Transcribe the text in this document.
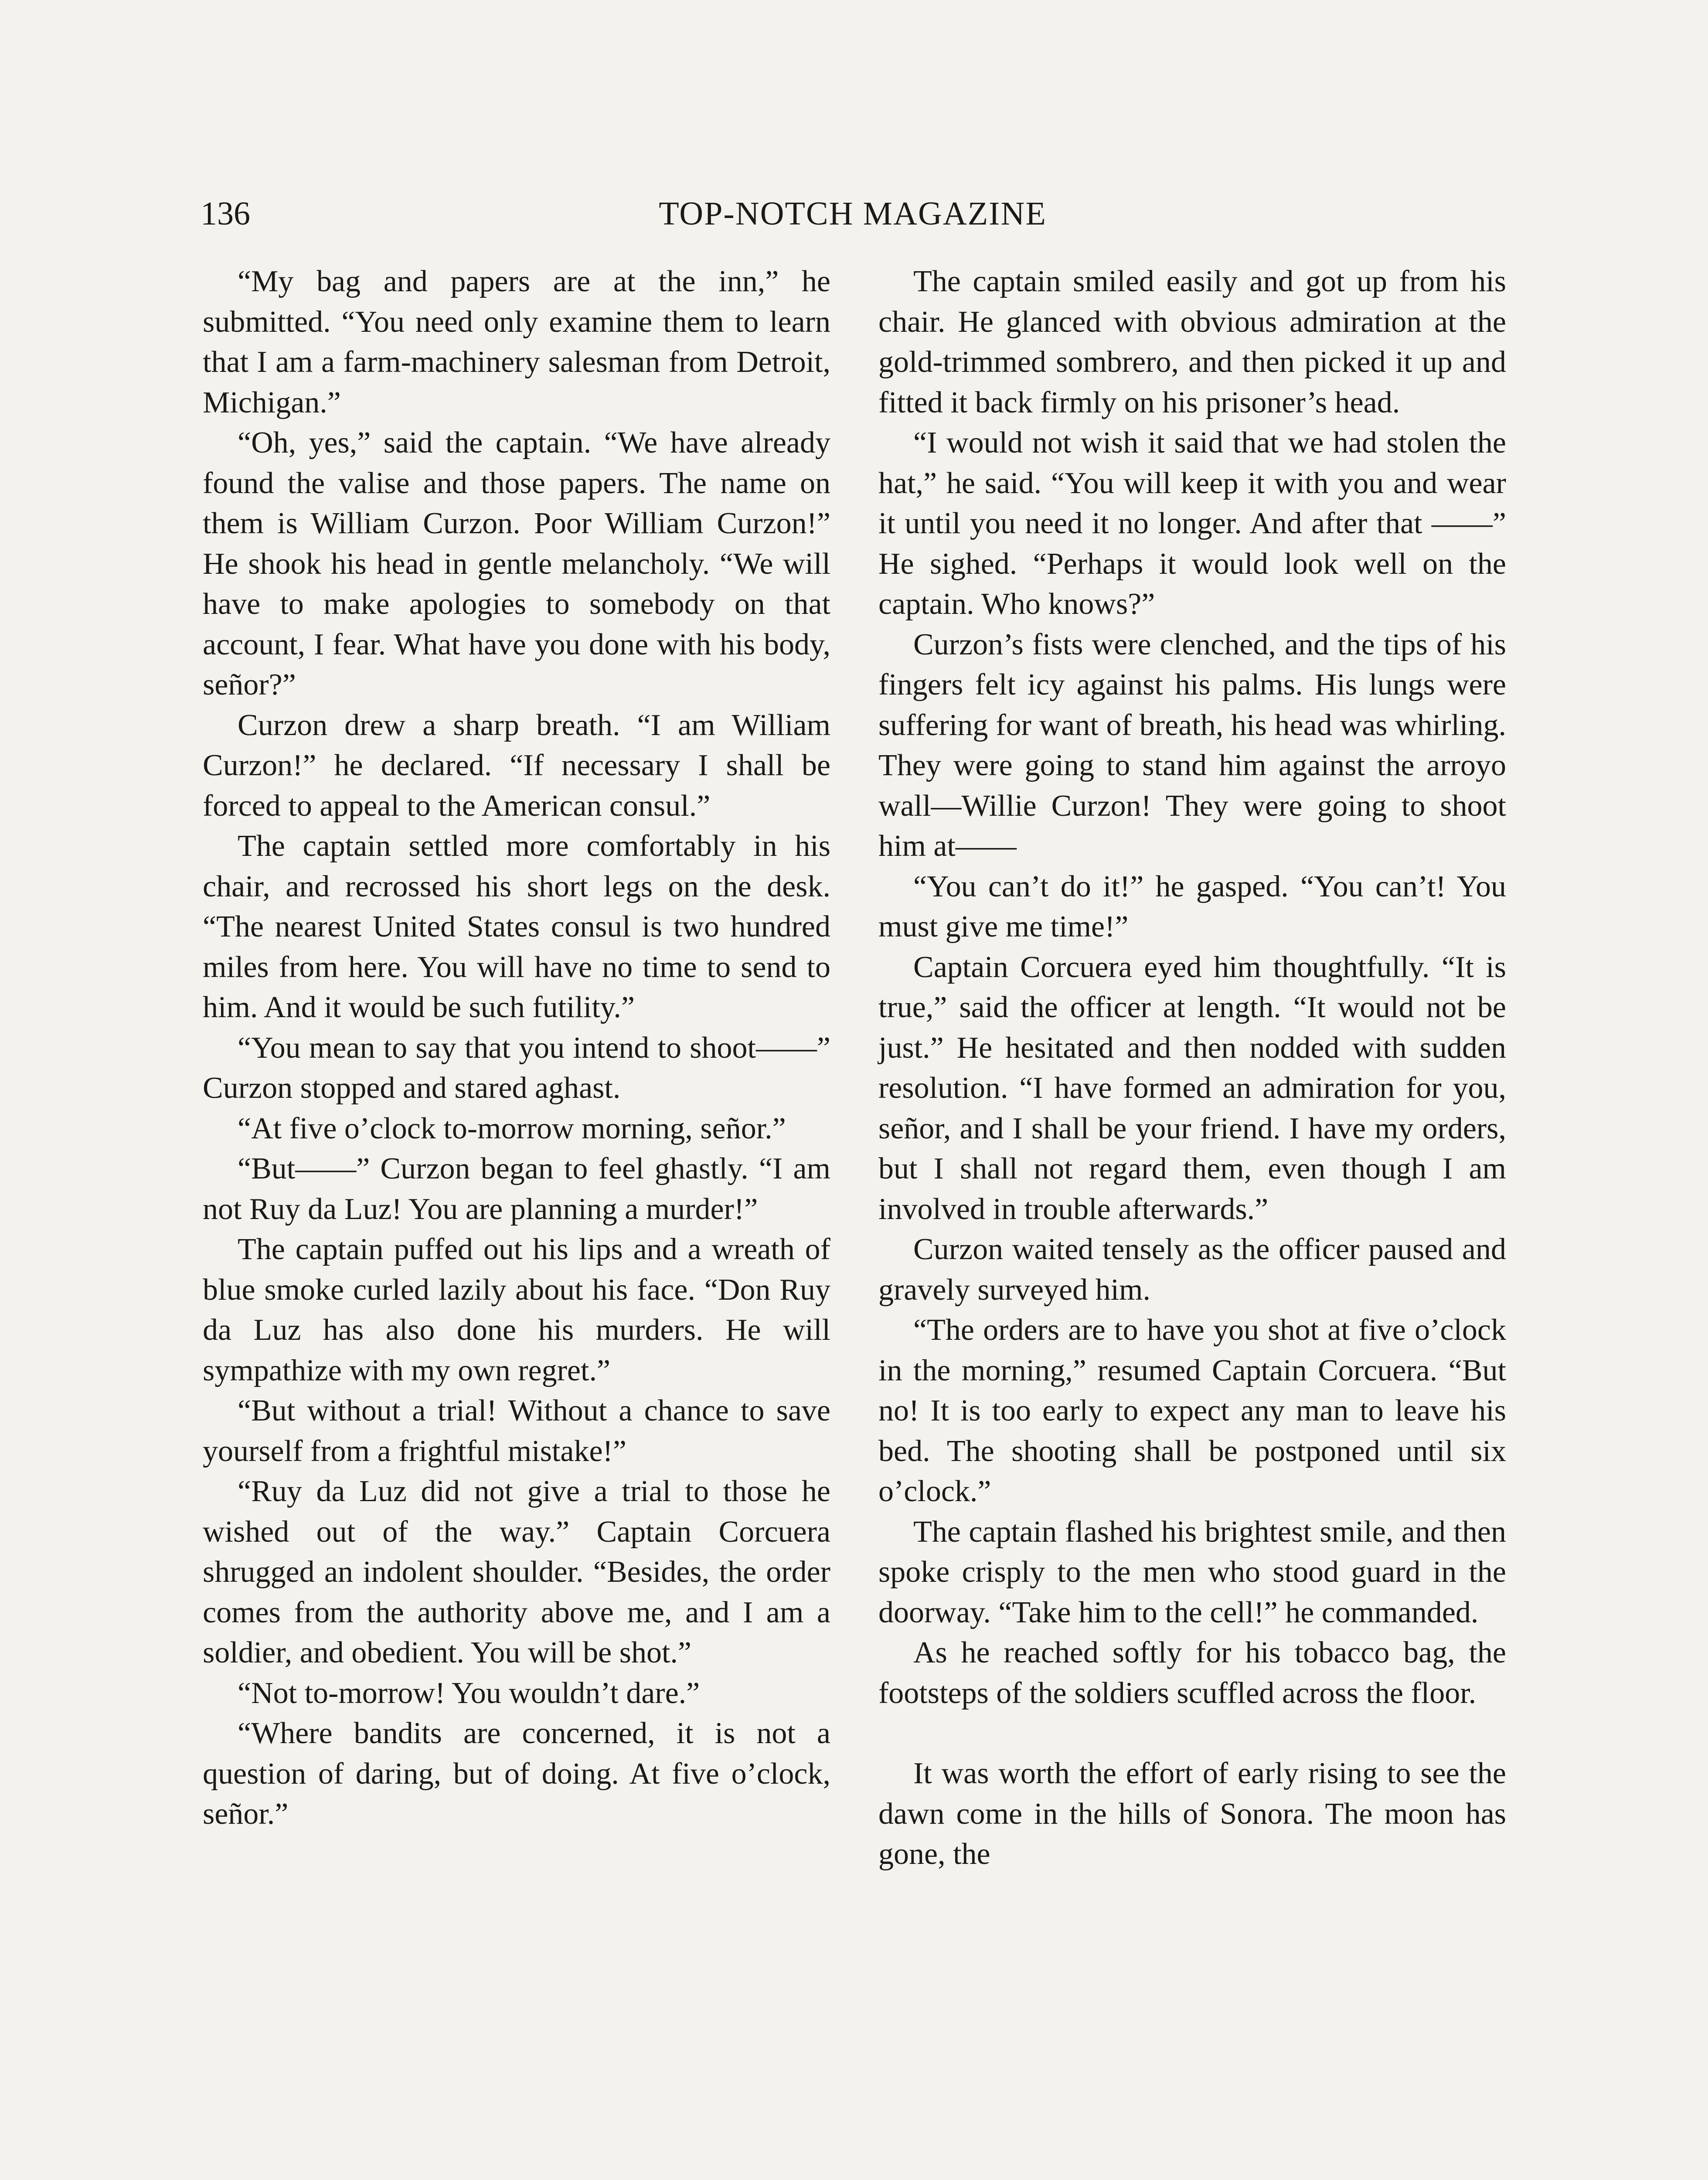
136	TOP-NOTCH MAGAZINE

“My bag and papers are at the inn,” he submitted. “You need only examine them to learn that I am a farm-machinery salesman from Detroit, Michigan.”

“Oh, yes,” said the captain. “We have already found the valise and those papers. The name on them is William Curzon. Poor William Curzon!” He shook his head in gentle melancholy. “We will have to make apologies to somebody on that account, I fear. What have you done with his body, señor?”

Curzon drew a sharp breath. “I am William Curzon!” he declared. “If necessary I shall be forced to appeal to the American consul.”

The captain settled more comfortably in his chair, and recrossed his short legs on the desk. “The nearest United States consul is two hundred miles from here. You will have no time to send to him. And it would be such futility.”

“You mean to say that you intend to shoot——” Curzon stopped and stared aghast.

“At five o’clock to-morrow morning, señor.”

“But——” Curzon began to feel ghastly. “I am not Ruy da Luz! You are planning a murder!”

The captain puffed out his lips and a wreath of blue smoke curled lazily about his face. “Don Ruy da Luz has also done his murders. He will sympathize with my own regret.”

“But without a trial! Without a chance to save yourself from a frightful mistake!”

“Ruy da Luz did not give a trial to those he wished out of the way.” Captain Corcuera shrugged an indolent shoulder. “Besides, the order comes from the authority above me, and I am a soldier, and obedient. You will be shot.”

“Not to-morrow! You wouldn’t dare.”

“Where bandits are concerned, it is not a question of daring, but of doing. At five o’clock, señor.”

The captain smiled easily and got up from his chair. He glanced with obvious admiration at the gold-trimmed sombrero, and then picked it up and fitted it back firmly on his prisoner’s head.

“I would not wish it said that we had stolen the hat,” he said. “You will keep it with you and wear it until you need it no longer. And after that ——” He sighed. “Perhaps it would look well on the captain. Who knows?”

Curzon’s fists were clenched, and the tips of his fingers felt icy against his palms. His lungs were suffering for want of breath, his head was whirling. They were going to stand him against the arroyo wall—Willie Curzon! They were going to shoot him at——

“You can’t do it!” he gasped. “You can’t! You must give me time!”

Captain Corcuera eyed him thoughtfully. “It is true,” said the officer at length. “It would not be just.” He hesitated and then nodded with sudden resolution. “I have formed an admiration for you, señor, and I shall be your friend. I have my orders, but I shall not regard them, even though I am involved in trouble afterwards.”

Curzon waited tensely as the officer paused and gravely surveyed him.

“The orders are to have you shot at five o’clock in the morning,” resumed Captain Corcuera. “But no! It is too early to expect any man to leave his bed. The shooting shall be postponed until six o’clock.”

The captain flashed his brightest smile, and then spoke crisply to the men who stood guard in the doorway. “Take him to the cell!” he commanded.

As he reached softly for his tobacco bag, the footsteps of the soldiers scuffled across the floor.

It was worth the effort of early rising to see the dawn come in the hills of Sonora. The moon has gone, the
